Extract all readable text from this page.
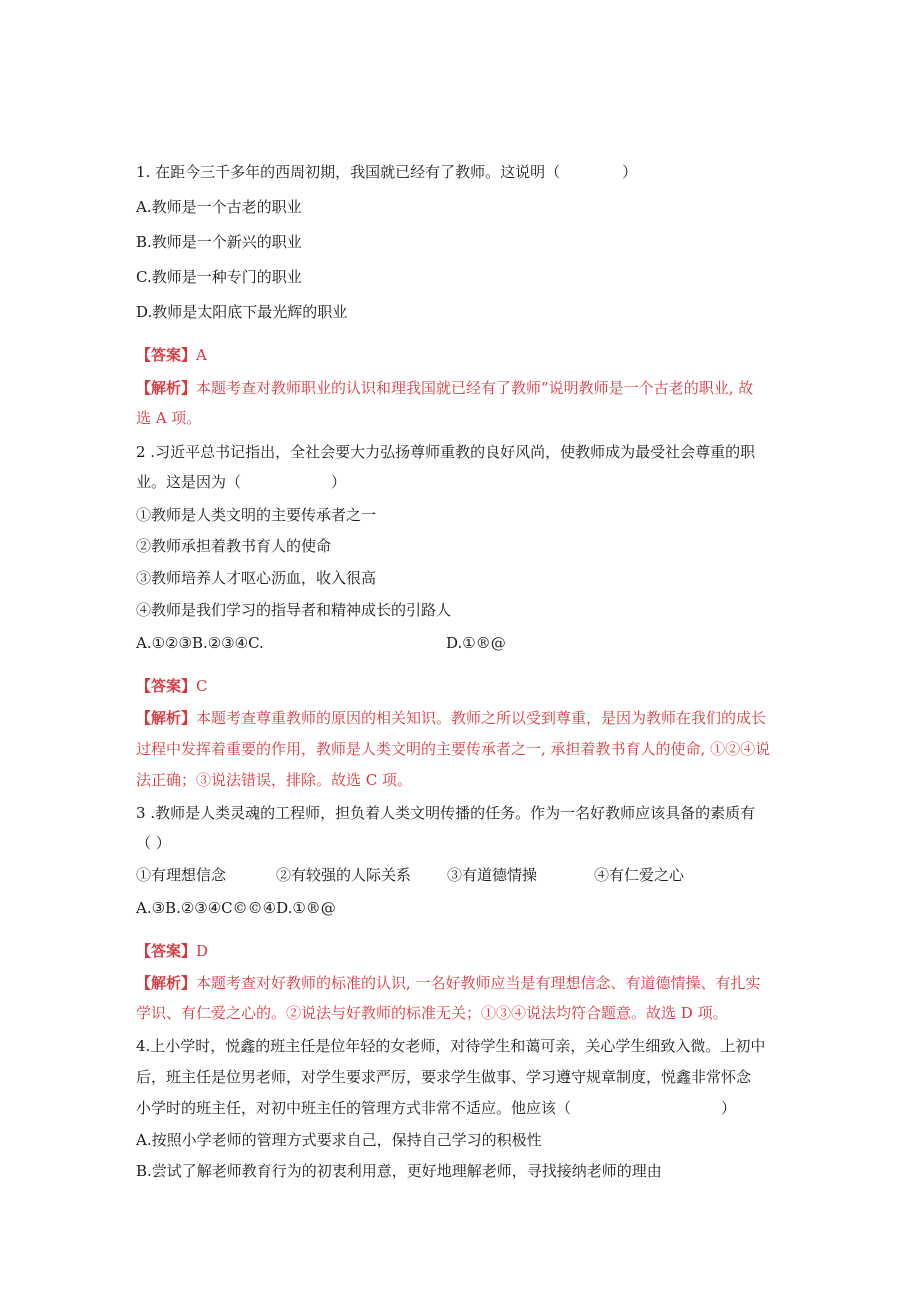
1. 在距今三千多年的西周初期，我国就已经有了教师。这说明（	）
A.教师是一个古老的职业
B.教师是一个新兴的职业
C.教师是一种专门的职业
D.教师是太阳底下最光辉的职业
【答案】A
【解析】本题考查对教师职业的认识和理我国就已经有了教师”说明教师是一个古老的职业, 故
选 A 项。
2 .习近平总书记指出，全社会要大力弘扬尊师重教的良好风尚，使教师成为最受社会尊重的职
业。这是因为（	）
①教师是人类文明的主要传承者之一
②教师承担着教书育人的使命
③教师培养人才呕心沥血，收入很高
④教师是我们学习的指导者和精神成长的引路人
A.①②③B.②③④C.	D.①®@
【答案】C
【解析】本题考查尊重教师的原因的相关知识。教师之所以受到尊重，是因为教师在我们的成长
过程中发挥着重要的作用，教师是人类文明的主要传承者之一, 承担着教书育人的使命, ①②④说
法正确；③说法错误，排除。故选 C 项。
3 .教师是人类灵魂的工程师，担负着人类文明传播的任务。作为一名好教师应该具备的素质有
（ ）
①有理想信念	②有较强的人际关系 ③有道德情操	④有仁爱之心
A.③B.②③④C©©④D.①®@
【答案】D
【解析】本题考查对好教师的标准的认识, 一名好教师应当是有理想信念、有道德情操、有扎实
学识、有仁爱之心的。②说法与好教师的标准无关；①③④说法均符合题意。故选 D 项。
4.上小学时，悦鑫的班主任是位年轻的女老师，对待学生和蔼可亲，关心学生细致入微。上初中
后，班主任是位男老师，对学生要求严厉，要求学生做事、学习遵守规章制度，悦鑫非常怀念
小学时的班主任，对初中班主任的管理方式非常不适应。他应该（	）
A.按照小学老师的管理方式要求自己，保持自己学习的积极性
B.尝试了解老师教育行为的初衷利用意，更好地理解老师，寻找接纳老师的理由
